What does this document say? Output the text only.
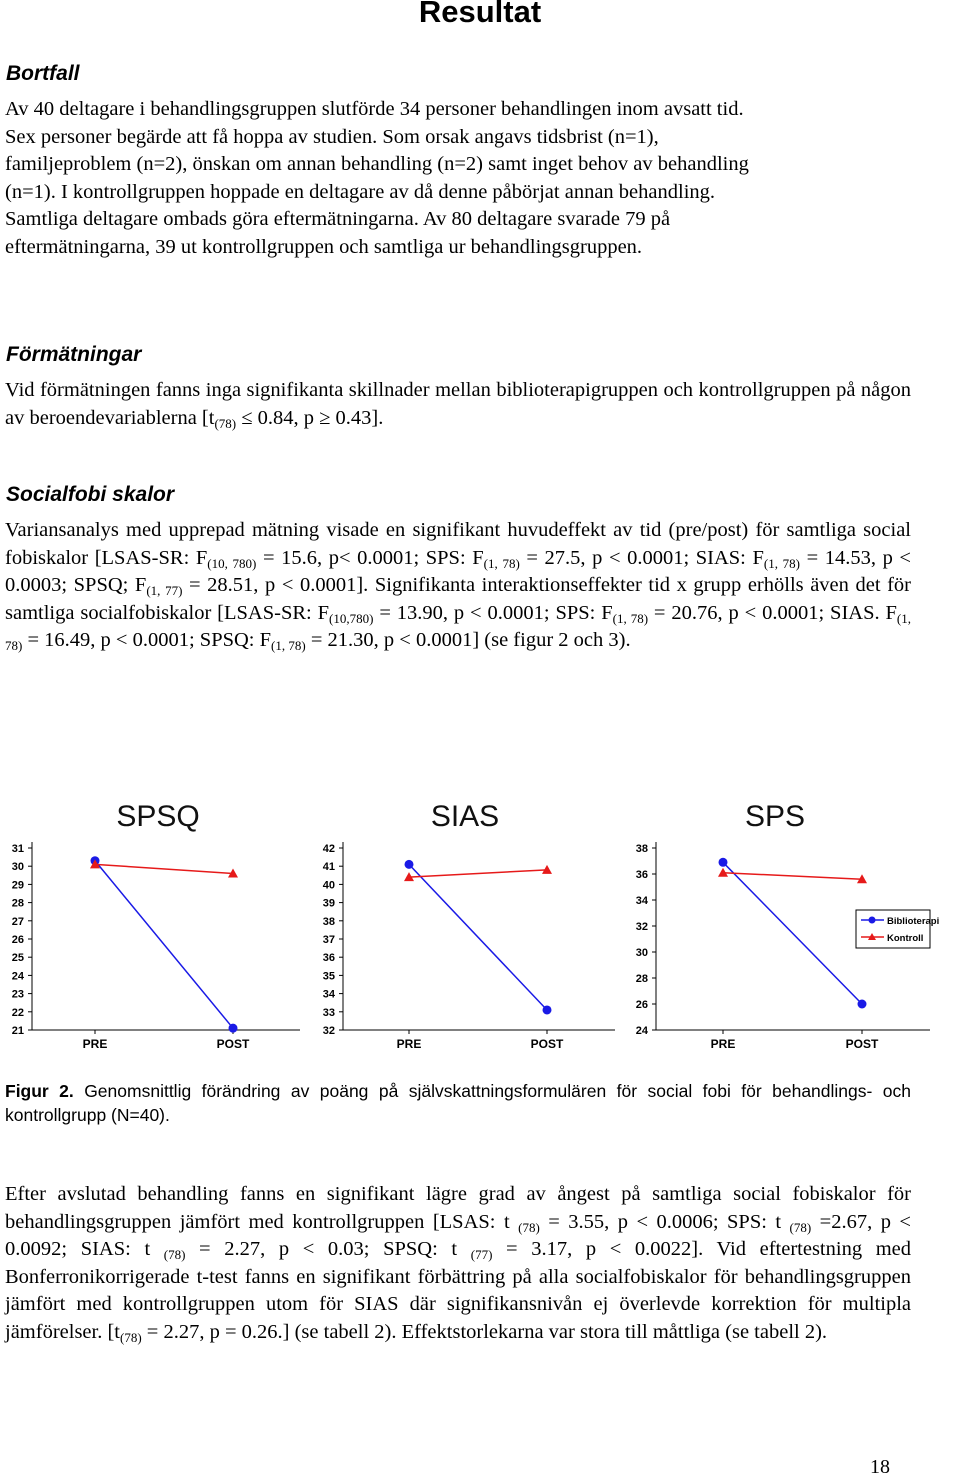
Resultat
Bortfall
Av 40 deltagare i behandlingsgruppen slutförde 34 personer behandlingen inom avsatt tid.
Sex personer begärde att få hoppa av studien. Som orsak angavs tidsbrist (n=1),
familjeproblem (n=2), önskan om annan behandling (n=2) samt inget behov av behandling
(n=1). I kontrollgruppen hoppade en deltagare av då denne påbörjat annan behandling.
Samtliga deltagare ombads göra eftermätningarna. Av 80 deltagare svarade 79 på
eftermätningarna, 39 ut kontrollgruppen och samtliga ur behandlingsgruppen.
Förmätningar
Vid förmätningen fanns inga signifikanta skillnader mellan biblioterapigruppen och kontrollgruppen på någon av beroendevariablerna [$t_{(78)} \le 0.84$, p ≥ 0.43].
Socialfobi skalor
Variansanalys med upprepad mätning visade en signifikant huvudeffekt av tid (pre/post) för samtliga social fobiskalor [LSAS-SR: $F_{(10, 780)} = 15.6$, p< 0.0001; SPS: $F_{(1, 78)} = 27.5$, p < 0.0001; SIAS: $F_{(1, 78)} = 14.53$, p < 0.0003; SPSQ; $F_{(1, 77)} = 28.51$, p < 0.0001]. Signifikanta interaktionseffekter tid x grupp erhölls även det för samtliga socialfobiskalor [LSAS-SR: $F_{(10,780)} = 13.90$, p < 0.0001; SPS: $F_{(1, 78)} = 20.76$, p < 0.0001; SIAS. $F_{(1, 78)} = 16.49$, p < 0.0001; SPSQ: $F_{(1, 78)} = 21.30$, p < 0.0001] (se figur 2 och 3).
SPSQ
21
22
23
24
25
26
27
28
29
30
31
PRE	POST
SIAS
32
33
34
35
36
37
38
39
40
41
42
PRE	POST
SPS
24
26
28
30
32
34
36
38
PRE	POST
Biblioterapi
Kontroll
Figur 2. Genomsnittlig förändring av poäng på självskattningsformulären för social fobi för behandlings- och kontrollgrupp (N=40).
Efter avslutad behandling fanns en signifikant lägre grad av ångest på samtliga social fobiskalor för behandlingsgruppen jämfört med kontrollgruppen [LSAS: t $_{(78)}$ = 3.55, p < 0.0006; SPS: t $_{(78)}$ =2.67, p < 0.0092; SIAS: t $_{(78)}$ = 2.27, p < 0.03; SPSQ: t $_{(77)}$ = 3.17, p < 0.0022]. Vid eftertestning med Bonferronikorrigerade t-test fanns en signifikant förbättring på alla socialfobiskalor för behandlingsgruppen jämfört med kontrollgruppen utom för SIAS där signifikansnivån ej överlevde korrektion för multipla jämförelser. [$t_{(78)} = 2.27$, p = 0.26.] (se tabell 2). Effektstorlekarna var stora till måttliga (se tabell 2).
18
